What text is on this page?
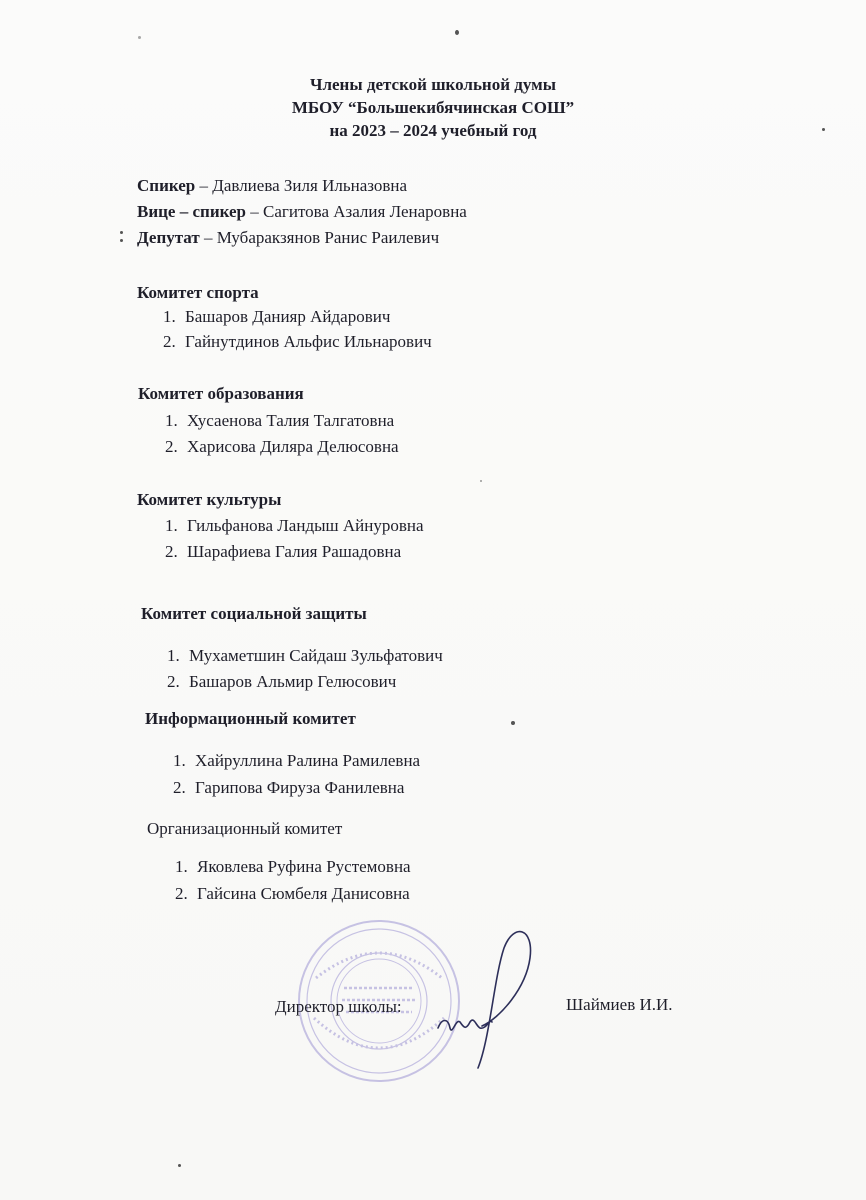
Члены детской школьной думы
МБОУ “Большекибячинская СОШ”
на 2023 – 2024 учебный год
Спикер – Давлиева Зиля Ильназовна
Вице – спикер – Сагитова Азалия Ленаровна
Депутат – Мубаракзянов Ранис Раилевич
Комитет спорта
1. Башаров Данияр Айдарович
2. Гайнутдинов Альфис Ильнарович
Комитет образования
1. Хусаенова Талия Талгатовна
2. Харисова Диляра Делюсовна
Комитет культуры
1. Гильфанова Ландыш Айнуровна
2. Шарафиева Галия Рашадовна
Комитет социальной защиты
1. Мухаметшин Сайдаш Зульфатович
2. Башаров Альмир Гелюсович
Информационный комитет
1. Хайруллина Ралина Рамилевна
2. Гарипова Фируза Фанилевна
Организационный комитет
1. Яковлева Руфина Рустемовна
2. Гайсина Сюмбеля Данисовна
Директор школы:	Шаймиев И.И.
